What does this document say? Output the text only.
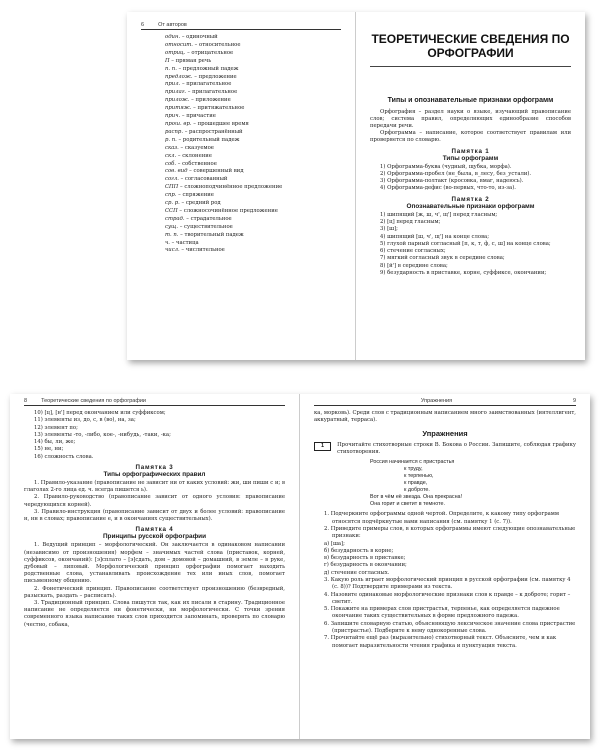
6	От авторов
один. – одиночный
относит. – относительное
отриц. – отрицательное
П – прямая речь
п. п. – предложный падеж
предлож. – предложение
прил. – прилагательное
прилаг. – прилагательное
прилож. – приложение
притяж. – притяжательное
прич. – причастие
прош. вр. – прошедшее время
распр. – распространённый
р. п. – родительный падеж
сказ. – сказуемое
скл. – склонение
соб. – собственное
сов. вид – совершенный вид
согл. – согласованный
СПП – сложноподчинённое предложение
спр. – спряжение
ср. р. – средний род
ССП – сложносочинённое предложение
страд. – страдательное
сущ. – существительное
т. п. – творительный падеж
ч. – частица
числ. – числительное
ТЕОРЕТИЧЕСКИЕ СВЕДЕНИЯ ПО ОРФОГРАФИИ
Типы и опознавательные признаки орфограмм

Орфография – раздел науки о языке, изучающий правописание слов; система правил, определяющих единообразие способов передачи речи.

Орфограмма – написание, которое соответствует правилам или проверяется по словарю.

Памятка 1
Типы орфограмм
1) Орфограмма-буква (чудный, щубка, морфа).
2) Орфограмма-пробел (не_была, в_лесу, без_устали).
3) Орфограмма-полтакт (кросовка, вмаг, надеюсь).
4) Орфограмма-дефис (во-первых, что-то, из-за).
Памятка 2
Опознавательные признаки орфограмм
1) шипящий [ж, ш, ч', щ'] перед гласным;
2) [ц] перед гласным;
3) [ш];
4) шипящий [ш, ч', щ'] на конце слова;
5) глухой парный согласный [п, к, т, ф, с, ш] на конце слова;
6) стечение согласных;
7) мягкий согласный звук в середине слова;
8) [й'] в середине слова;
9) безударность в приставке, корне, суффиксе, окончании;
8	Теоретические сведения по орфографии
10) [ц], [н'] перед окончанием или суффиксом;
11) элементы из, до, с, в (во), на, за;
12) элемент по;
13) элементы -то, -либо, кое-, -нибудь, -таки, -ка;
14) бы, ли, же;
15) не, ни;
16) сложность слова.
Памятка 3
Типы орфографических правил

1. Правило-указание (правописание не зависит ни от каких условий: жи, ши пиши с и; в глаголах 2-го лица ед. ч. всегда пишется ь).

2. Правило-руководство (правописание зависит от одного условия: правописание чередующихся корней).

3. Правило-инструкция (правописание зависит от двух и более условий: правописание н, нн в словах; правописание е, и в окончаниях существительных).

Памятка 4
Принципы русской орфографии

1. Ведущий принцип – морфологический. Он заключается в одинаковом написании (независимо от произношения) морфем – значимых частей слова (приставок, корней, суффиксов, окончаний): [э]сплато – [э]сдать, дом – домовой – домашний, в земле – в руке, дубовый – липовый. Морфологический принцип орфографии помогает находить родственные слова, устанавливать происхождение тех или иных слов, помогает письменному общению.

2. Фонетический принцип. Правописание соответствует произношению (безвредный, разыскать, раздать – расписать).

3. Традиционный принцип. Слова пишутся так, как их писали в старину. Традиционное написание не определяется ни фонетически, ни морфологически. С точки зрения современного языка написание таких слов приходится запоминать, проверять по словарю (честно, собака,

Упражнения	9

ка, морковь). Среди слов с традиционным написанием много заимствованных (интеллигент, аккуратный, терраса).

Упражнения
1	Прочитайте стихотворные строки В. Бокова о России. Запишите, соблюдая графику стихотворения.
Россия начинается с пристрастья
к труду,
к терпенью,
к правде,
к доброте.
Вот в чём её звезда. Она прекрасна!
Она горит и светит в темноте.
1. Подчеркните орфограммы одной чертой. Определите, к какому типу орфограмм относятся подчёркнутые вами написания (см. памятку 1 (с. 7)).
2. Приведите примеры слов, в которых орфограммы имеют следующие опознавательные признаки:
а) [ша];
б) безударность в корне;
в) безударность в приставке;
г) безударность в окончании;
д) стечение согласных.
3. Какую роль играет морфологический принцип в русской орфографии (см. памятку 4 (с. 8))? Подтвердите примерами из текста.
4. Назовите одинаковые морфологические признаки слов к правде – к доброте; горит – светит.
5. Покажите на примерах слов пристрастья, терпенье, как определяется падежное окончание таких существительных в форме предложного падежа.
6. Запишите словарную статью, объясняющую лексическое значение слова пристрастие (пристрастье). Подберите к нему однокоренные слова.
7. Прочитайте ещё раз (выразительно) стихотворный текст. Объясните, чем и как помогает выразительности чтения графика и пунктуация текста.
